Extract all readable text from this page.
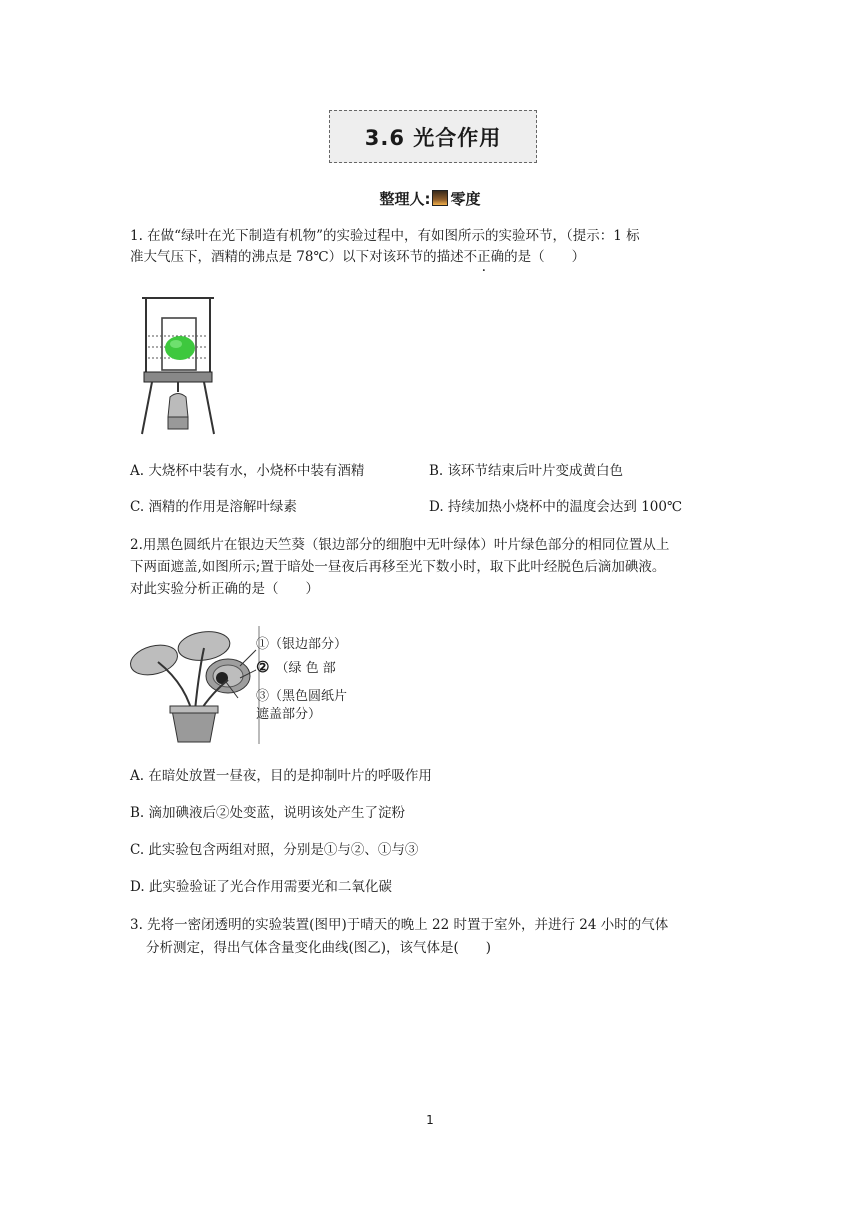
3.6 光合作用
整理人: 零度
1. 在做“绿叶在光下制造有机物”的实验过程中，有如图所示的实验环节，（提示：1 标
准大气压下，酒精的沸点是 78℃）以下对该环节的描述不正确的是（　　）
A. 大烧杯中装有水，小烧杯中装有酒精	B. 该环节结束后叶片变成黄白色
C. 酒精的作用是溶解叶绿素	D. 持续加热小烧杯中的温度会达到 100℃
2.用黑色圆纸片在银边天竺葵（银边部分的细胞中无叶绿体）叶片绿色部分的相同位置从上
下两面遮盖,如图所示;置于暗处一昼夜后再移至光下数小时，取下此叶经脱色后滴加碘液。
对此实验分析正确的是（　　）
①（银边部分）
② （绿 色 部
③（黑色圆纸片
遮盖部分）
A. 在暗处放置一昼夜，目的是抑制叶片的呼吸作用
B. 滴加碘液后②处变蓝，说明该处产生了淀粉
C. 此实验包含两组对照，分别是①与②、①与③
D. 此实验验证了光合作用需要光和二氧化碳
3. 先将一密闭透明的实验装置(图甲)于晴天的晚上 22 时置于室外，并进行 24 小时的气体
分析测定，得出气体含量变化曲线(图乙)，该气体是(　　)
1
